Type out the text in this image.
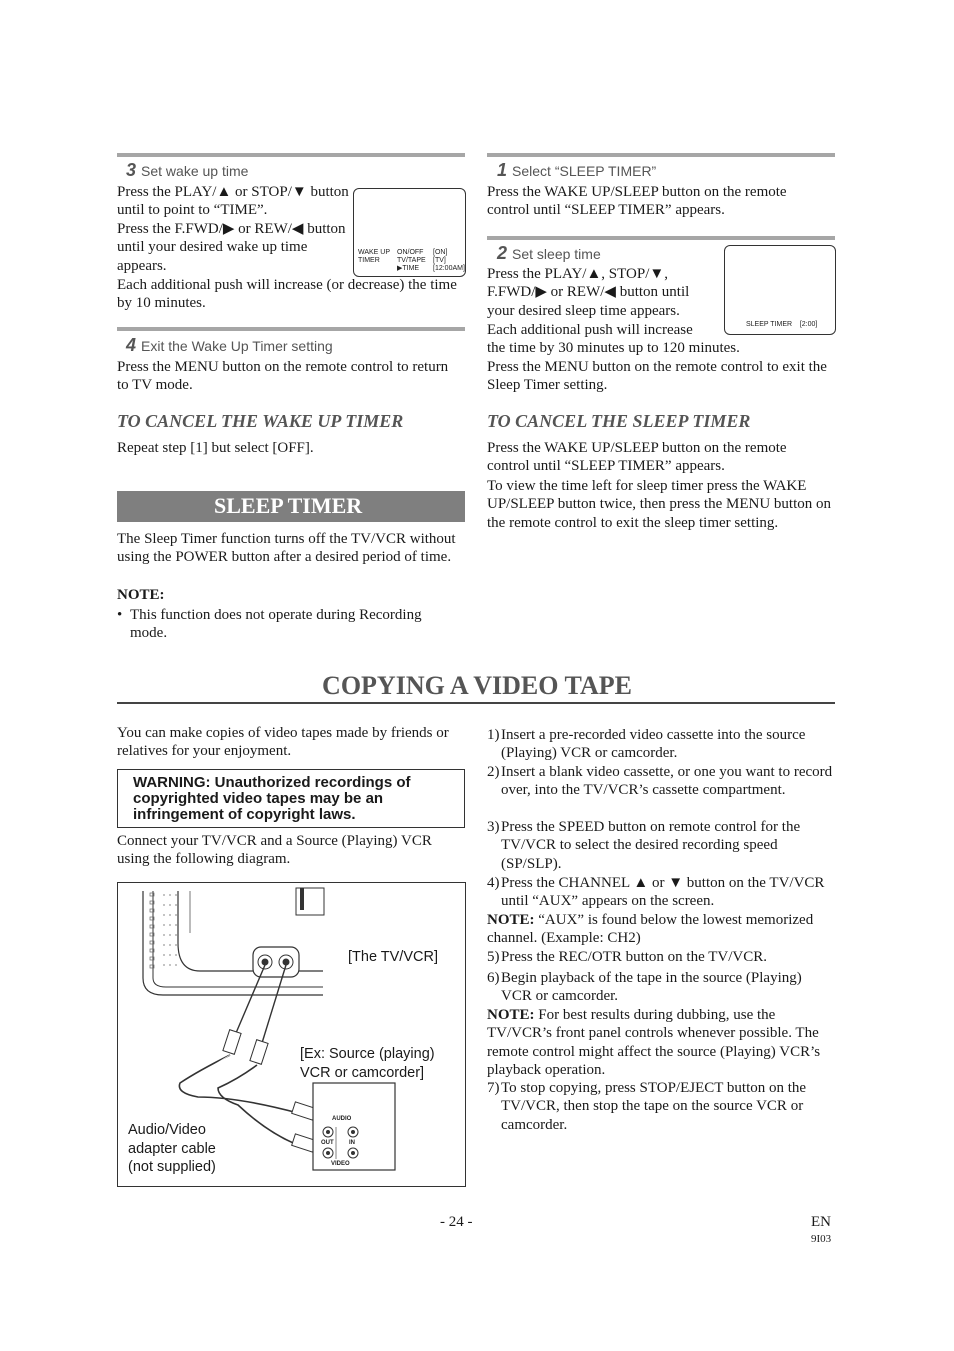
3 Set wake up time
Press the PLAY/▲ or STOP/▼ button until to point to “TIME”.
Press the F.FWD/▶ or REW/◀ button until your desired wake up time appears.
Each additional push will increase (or decrease) the time by 10 minutes.
WAKE UP
TIMER
ON/OFF
TV/TAPE
▶TIME
[ON]
[TV]
[12:00AM]
4 Exit the Wake Up Timer setting
Press the MENU button on the remote control to return to TV mode.
TO CANCEL THE WAKE UP TIMER
Repeat step [1] but select [OFF].
SLEEP TIMER
The Sleep Timer function turns off the TV/VCR without using the POWER button after a desired period of time.
NOTE:
• This function does not operate during Recording mode.
1 Select “SLEEP TIMER”
Press the WAKE UP/SLEEP button on the remote control until “SLEEP TIMER” appears.
2 Set sleep time
Press the PLAY/▲, STOP/▼, F.FWD/▶ or REW/◀ button until your desired sleep time appears.
Each additional push will increase
the time by 30 minutes up to 120 minutes.
Press the MENU button on the remote control to exit the Sleep Timer setting.
SLEEP TIMER    [2:00]
TO CANCEL THE SLEEP TIMER
Press the WAKE UP/SLEEP button on the remote control until “SLEEP TIMER” appears.
To view the time left for sleep timer press the WAKE UP/SLEEP button twice, then press the MENU button on the remote control to exit the sleep timer setting.
COPYING A VIDEO TAPE
You can make copies of video tapes made by friends or relatives for your enjoyment.
WARNING: Unauthorized recordings of copyrighted video tapes may be an infringement of copyright laws.
Connect your TV/VCR and a Source (Playing) VCR using the following diagram.
AUDIO
OUT	IN
VIDEO
[The TV/VCR]
[Ex: Source (playing) VCR or camcorder]
Audio/Video adapter cable (not supplied)
1) Insert a pre-recorded video cassette into the source (Playing) VCR or camcorder.
2) Insert a blank video cassette, or one you want to record over, into the TV/VCR’s cassette compartment.
3) Press the SPEED button on remote control for the TV/VCR to select the desired recording speed (SP/SLP).
4) Press the CHANNEL ▲ or ▼ button on the TV/VCR until “AUX” appears on the screen.
NOTE: “AUX” is found below the lowest memorized channel. (Example: CH2)
5) Press the REC/OTR button on the TV/VCR.
6) Begin playback of the tape in the source (Playing) VCR or camcorder.
NOTE: For best results during dubbing, use the TV/VCR’s front panel controls whenever possible. The remote control might affect the source (Playing) VCR’s playback operation.
7) To stop copying, press STOP/EJECT button on the TV/VCR, then stop the tape on the source VCR or camcorder.
- 24 -	EN
9I03
